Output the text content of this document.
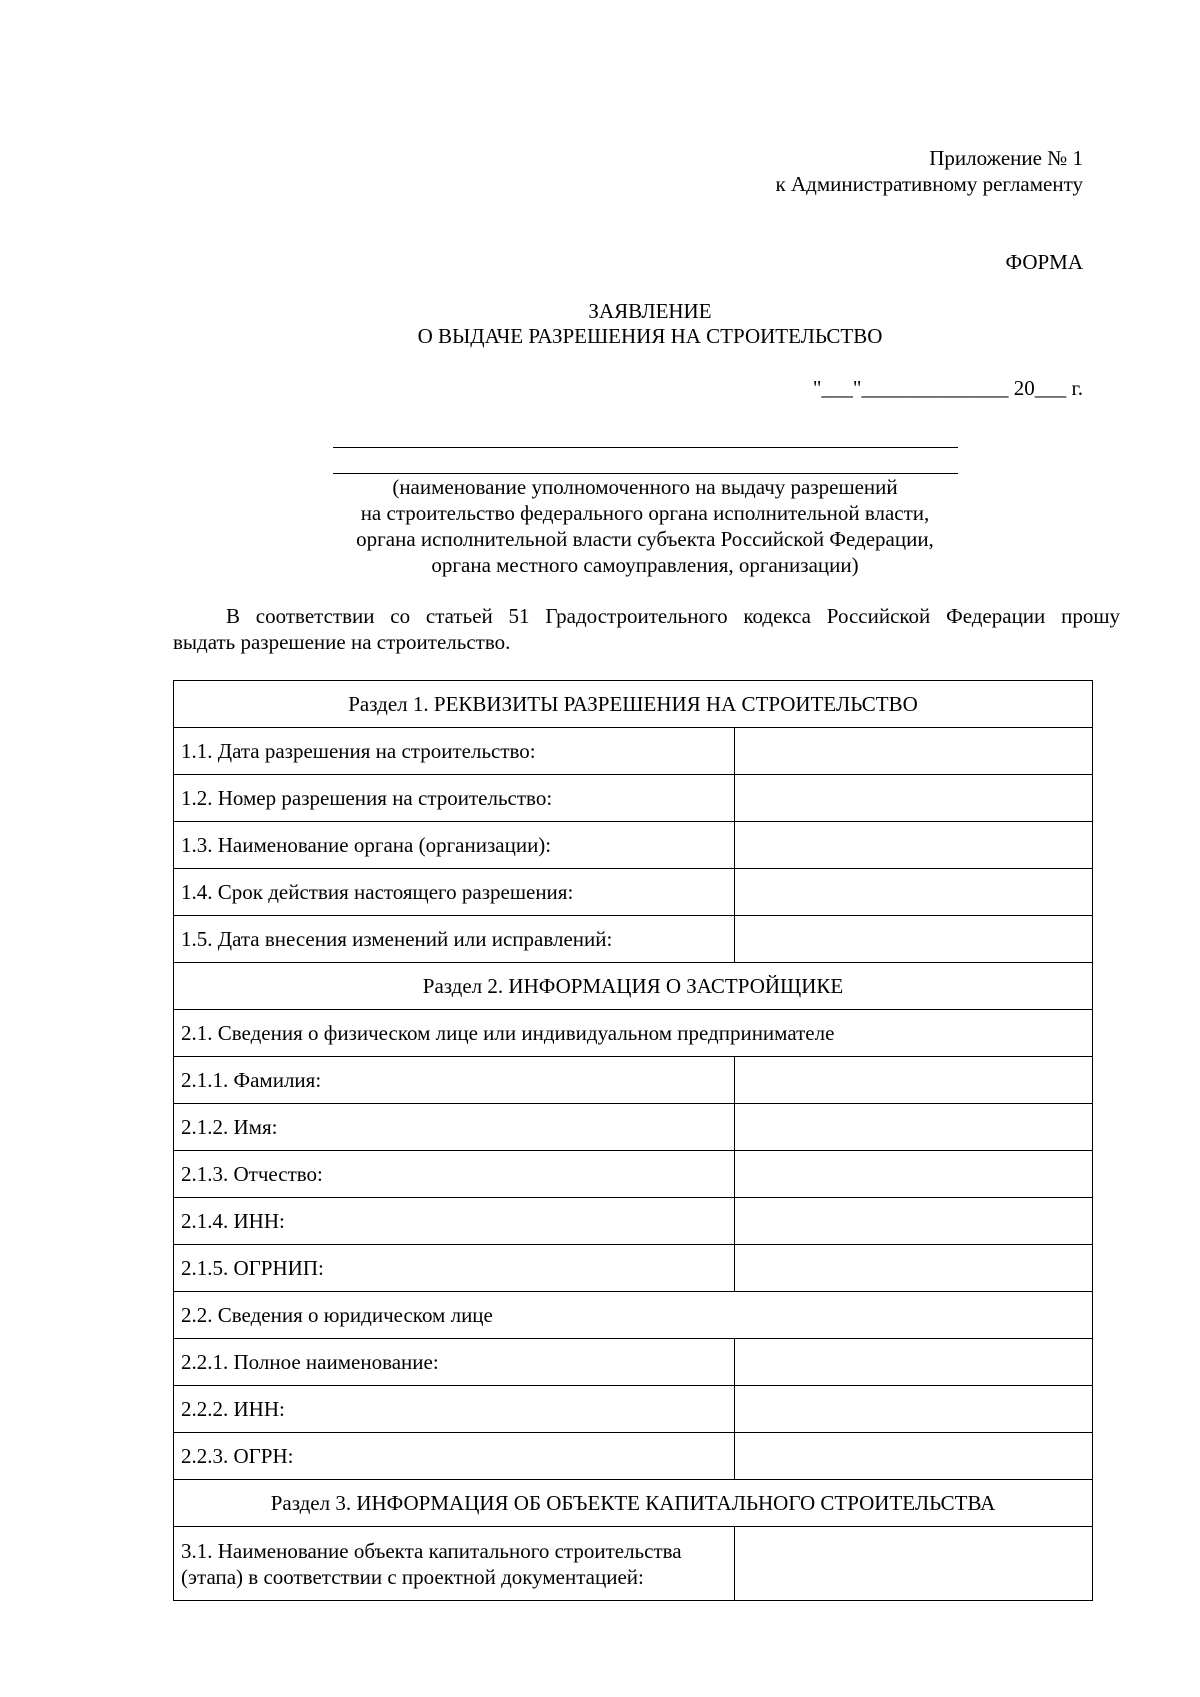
Приложение № 1
к Административному регламенту
ФОРМА
ЗАЯВЛЕНИЕ
О ВЫДАЧЕ РАЗРЕШЕНИЯ НА СТРОИТЕЛЬСТВО
"___"______________ 20___ г.
(наименование уполномоченного на выдачу разрешений
на строительство федерального органа исполнительной власти,
органа исполнительной власти субъекта Российской Федерации,
органа местного самоуправления, организации)
В соответствии со статьей 51 Градостроительного кодекса Российской Федерации прошу
выдать разрешение на строительство.
Раздел 1. РЕКВИЗИТЫ РАЗРЕШЕНИЯ НА СТРОИТЕЛЬСТВО	
1.1. Дата разрешения на строительство:	
1.2. Номер разрешения на строительство:	
1.3. Наименование органа (организации):	
1.4. Срок действия настоящего разрешения:	
1.5. Дата внесения изменений или исправлений:	
Раздел 2. ИНФОРМАЦИЯ О ЗАСТРОЙЩИКЕ	
2.1. Сведения о физическом лице или индивидуальном предпринимателе	
2.1.1. Фамилия:	
2.1.2. Имя:	
2.1.3. Отчество:	
2.1.4. ИНН:	
2.1.5. ОГРНИП:	
2.2. Сведения о юридическом лице	
2.2.1. Полное наименование:	
2.2.2. ИНН:	
2.2.3. ОГРН:	
Раздел 3. ИНФОРМАЦИЯ ОБ ОБЪЕКТЕ КАПИТАЛЬНОГО СТРОИТЕЛЬСТВА	
3.1. Наименование объекта капитального строительства (этапа) в соответствии с проектной документацией:	
